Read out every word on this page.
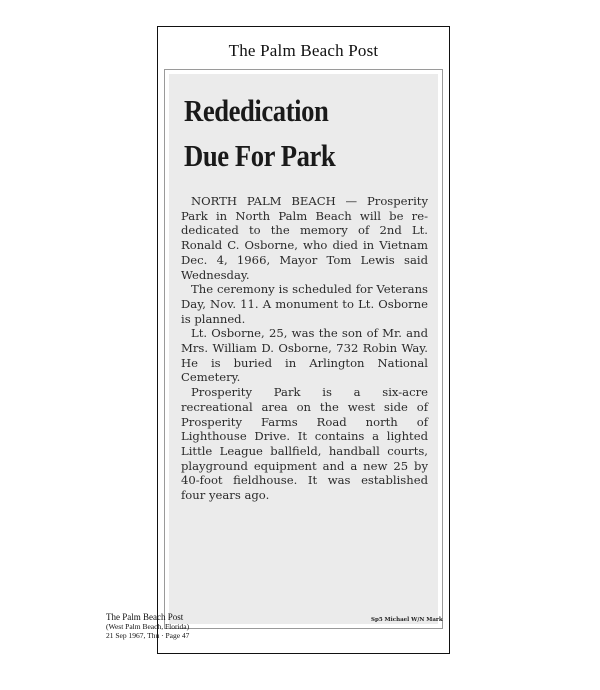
The Palm Beach Post
Rededication
Due For Park

NORTH PALM BEACH — Prosperity Park in North Palm Beach will be re-dedicated to the memory of 2nd Lt. Ronald C. Osborne, who died in Vietnam Dec. 4, 1966, Mayor Tom Lewis said Wednesday.

The ceremony is scheduled for Veterans Day, Nov. 11. A monument to Lt. Osborne is planned.

Lt. Osborne, 25, was the son of Mr. and Mrs. William D. Osborne, 732 Robin Way. He is buried in Arlington National Cemetery.

Prosperity Park is a six-acre recreational area on the west side of Prosperity Farms Road north of Lighthouse Drive. It contains a lighted Little League ballfield, handball courts, playground equipment and a new 25 by 40-foot fieldhouse. It was established four years ago.

The Palm Beach Post
(West Palm Beach, Florida)
21 Sep 1967, Thu · Page 47
Sp5 Michael W/N Mark
